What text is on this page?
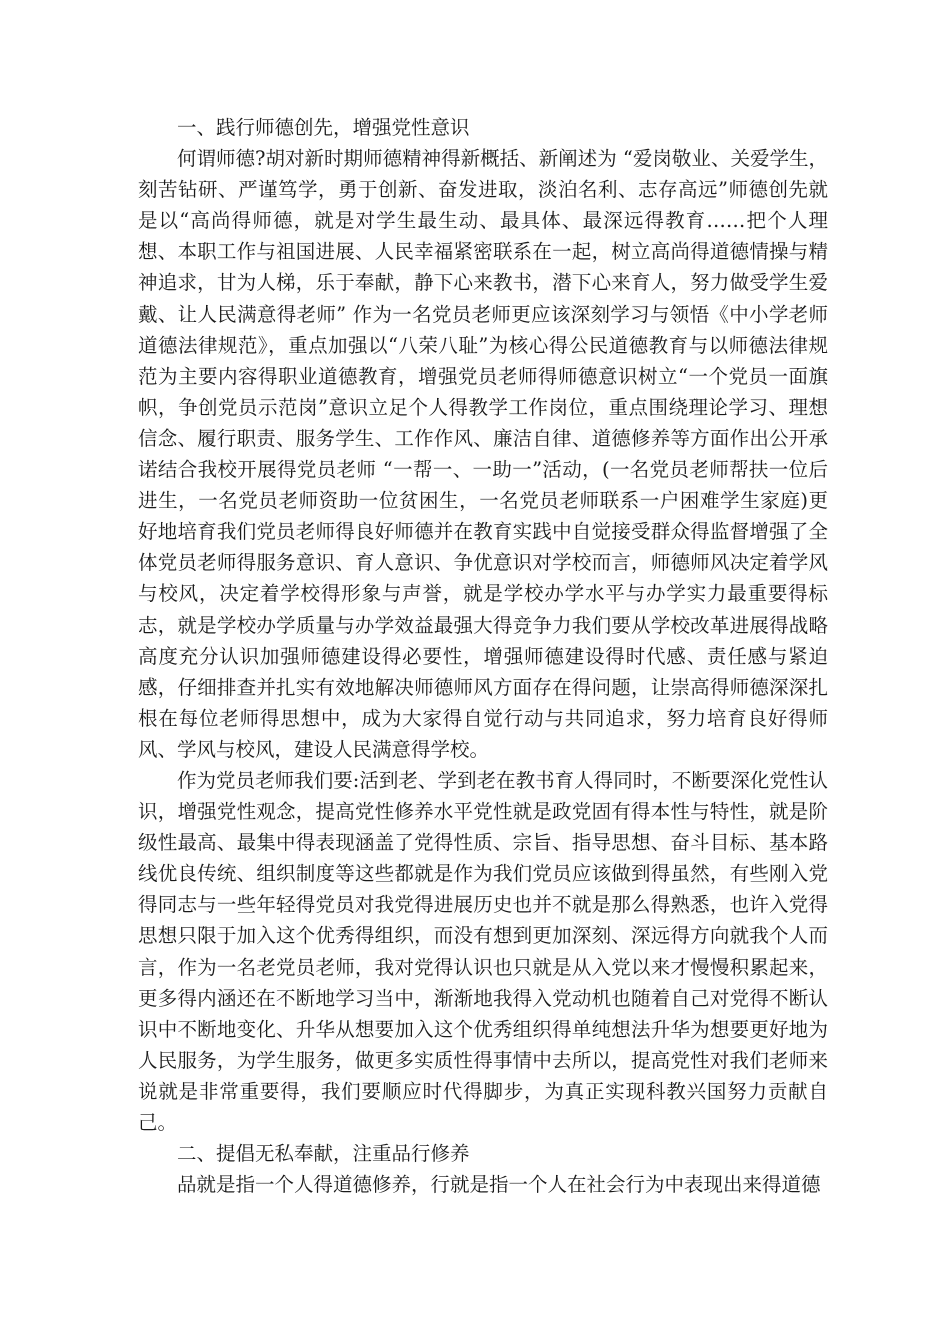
一、践行师德创先，增强党性意识

何谓师德?胡对新时期师德精神得新概括、新阐述为 “爱岗敬业、关爱学生，刻苦钻研、严谨笃学，勇于创新、奋发进取，淡泊名利、志存高远”师德创先就是以“高尚得师德，就是对学生最生动、最具体、最深远得教育……把个人理想、本职工作与祖国进展、人民幸福紧密联系在一起，树立高尚得道德情操与精神追求，甘为人梯，乐于奉献，静下心来教书，潜下心来育人，努力做受学生爱戴、让人民满意得老师” 作为一名党员老师更应该深刻学习与领悟《中小学老师道德法律规范》，重点加强以“八荣八耻”为核心得公民道德教育与以师德法律规范为主要内容得职业道德教育，增强党员老师得师德意识树立“一个党员一面旗帜，争创党员示范岗”意识立足个人得教学工作岗位，重点围绕理论学习、理想信念、履行职责、服务学生、工作作风、廉洁自律、道德修养等方面作出公开承诺结合我校开展得党员老师 “一帮一、一助一”活动，(一名党员老师帮扶一位后进生，一名党员老师资助一位贫困生，一名党员老师联系一户困难学生家庭)更好地培育我们党员老师得良好师德并在教育实践中自觉接受群众得监督增强了全体党员老师得服务意识、育人意识、争优意识对学校而言，师德师风决定着学风与校风，决定着学校得形象与声誉，就是学校办学水平与办学实力最重要得标志，就是学校办学质量与办学效益最强大得竞争力我们要从学校改革进展得战略高度充分认识加强师德建设得必要性，增强师德建设得时代感、责任感与紧迫感，仔细排查并扎实有效地解决师德师风方面存在得问题，让崇高得师德深深扎根在每位老师得思想中，成为大家得自觉行动与共同追求，努力培育良好得师风、学风与校风，建设人民满意得学校。

作为党员老师我们要:活到老、学到老在教书育人得同时，不断要深化党性认识，增强党性观念，提高党性修养水平党性就是政党固有得本性与特性，就是阶级性最高、最集中得表现涵盖了党得性质、宗旨、指导思想、奋斗目标、基本路线优良传统、组织制度等这些都就是作为我们党员应该做到得虽然，有些刚入党得同志与一些年轻得党员对我党得进展历史也并不就是那么得熟悉，也许入党得思想只限于加入这个优秀得组织，而没有想到更加深刻、深远得方向就我个人而言，作为一名老党员老师，我对党得认识也只就是从入党以来才慢慢积累起来，更多得内涵还在不断地学习当中，渐渐地我得入党动机也随着自己对党得不断认识中不断地变化、升华从想要加入这个优秀组织得单纯想法升华为想要更好地为人民服务，为学生服务，做更多实质性得事情中去所以，提高党性对我们老师来说就是非常重要得，我们要顺应时代得脚步，为真正实现科教兴国努力贡献自己。

二、提倡无私奉献，注重品行修养

品就是指一个人得道德修养，行就是指一个人在社会行为中表现出来得道德
